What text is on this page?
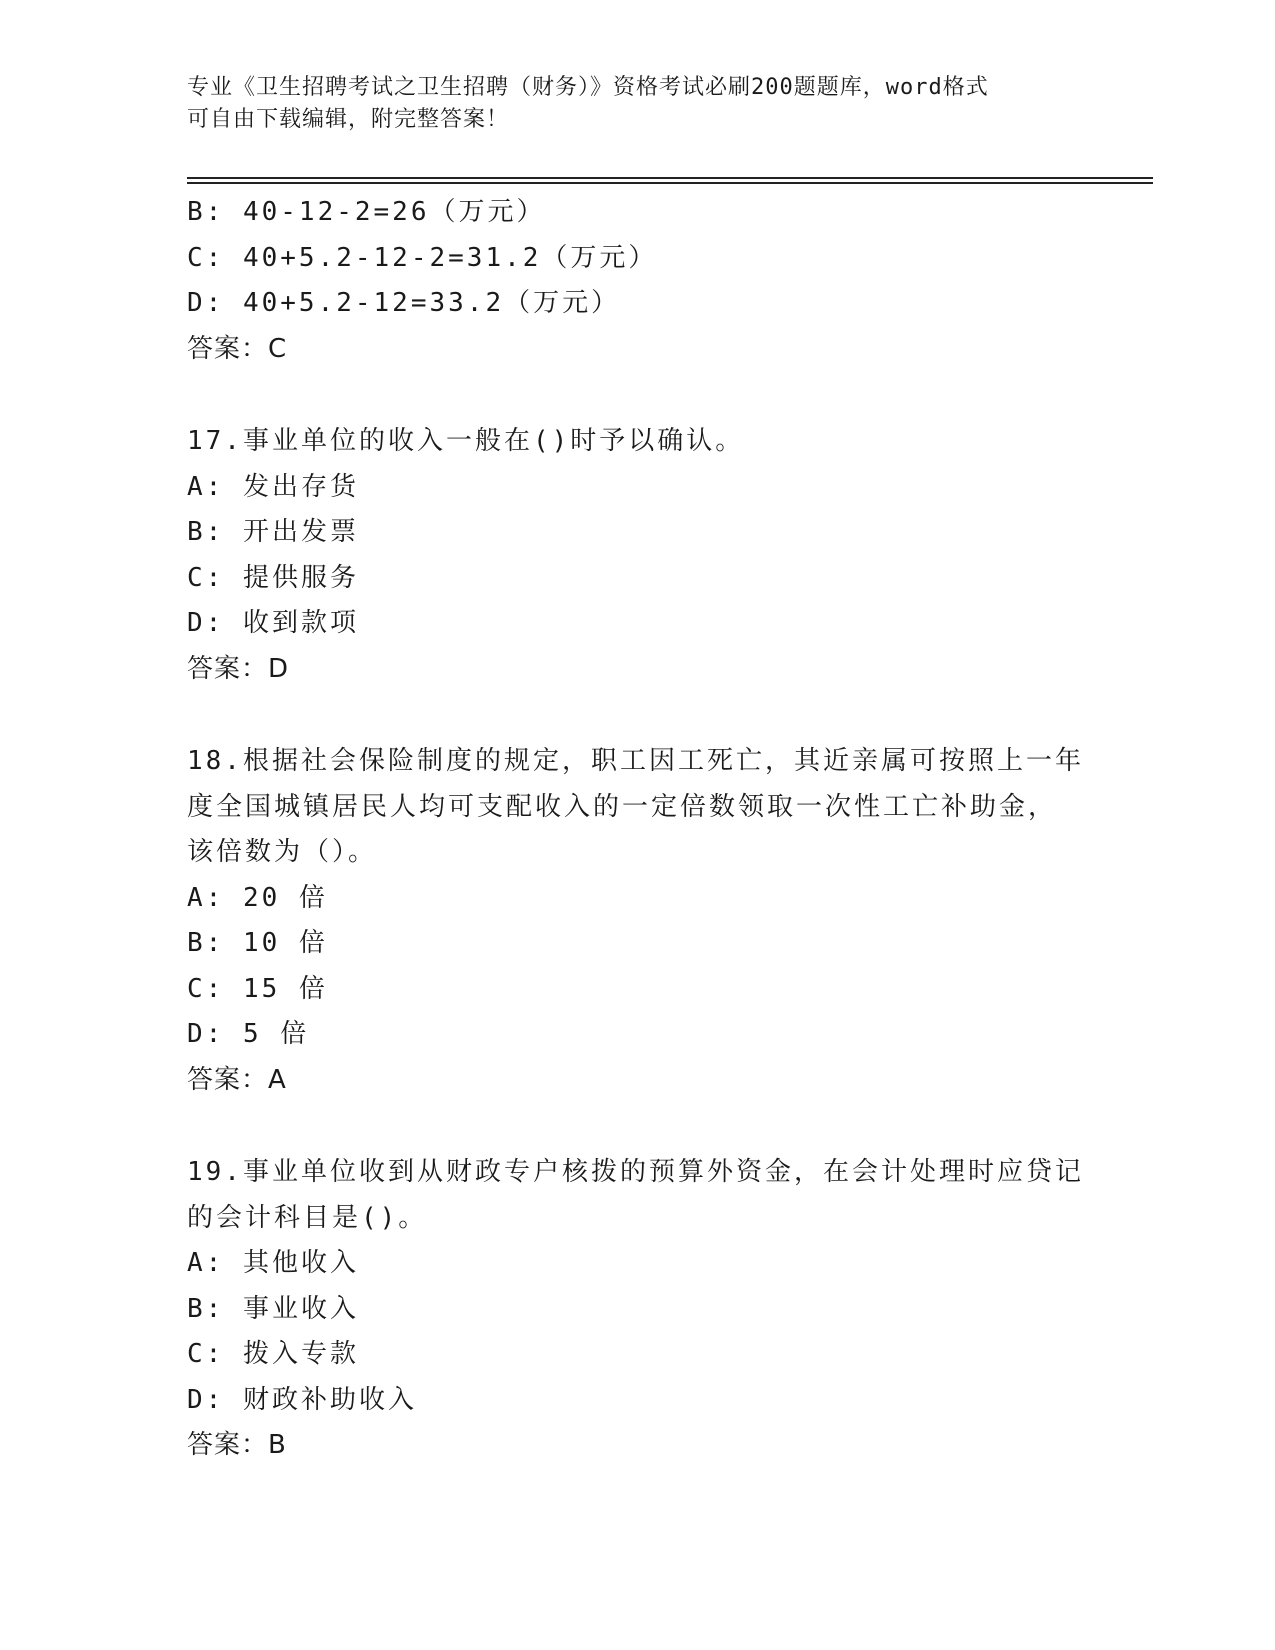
专业《卫生招聘考试之卫生招聘（财务）》资格考试必刷200题题库，word格式
可自由下载编辑，附完整答案！
B: 40-12-2=26（万元）
C: 40+5.2-12-2=31.2（万元）
D: 40+5.2-12=33.2（万元）
答案：C
17.事业单位的收入一般在()时予以确认。
A: 发出存货
B: 开出发票
C: 提供服务
D: 收到款项
答案：D
18.根据社会保险制度的规定，职工因工死亡，其近亲属可按照上一年
度全国城镇居民人均可支配收入的一定倍数领取一次性工亡补助金，
该倍数为（）。
A: 20 倍
B: 10 倍
C: 15 倍
D: 5 倍
答案：A
19.事业单位收到从财政专户核拨的预算外资金，在会计处理时应贷记
的会计科目是()。
A: 其他收入
B: 事业收入
C: 拨入专款
D: 财政补助收入
答案：B
